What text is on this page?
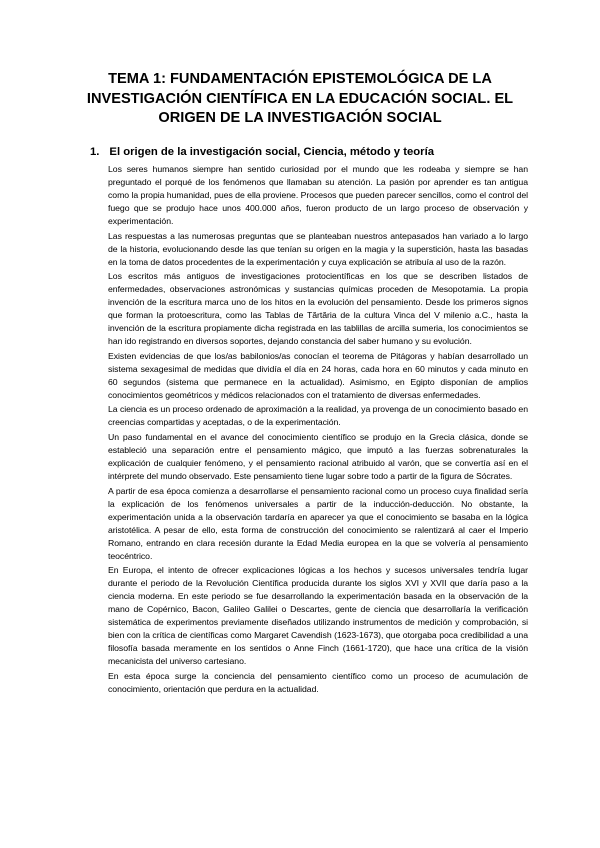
TEMA 1: FUNDAMENTACIÓN EPISTEMOLÓGICA DE LA INVESTIGACIÓN CIENTÍFICA EN LA EDUCACIÓN SOCIAL. EL ORIGEN DE LA INVESTIGACIÓN SOCIAL
1. El origen de la investigación social, Ciencia, método y teoría

Los seres humanos siempre han sentido curiosidad por el mundo que les rodeaba y siempre se han preguntado el porqué de los fenómenos que llamaban su atención. La pasión por aprender es tan antigua como la propia humanidad, pues de ella proviene. Procesos que pueden parecer sencillos, como el control del fuego que se produjo hace unos 400.000 años, fueron producto de un largo proceso de observación y experimentación.

Las respuestas a las numerosas preguntas que se planteaban nuestros antepasados han variado a lo largo de la historia, evolucionando desde las que tenían su origen en la magia y la superstición, hasta las basadas en la toma de datos procedentes de la experimentación y cuya explicación se atribuía al uso de la razón.

Los escritos más antiguos de investigaciones protocientíficas en los que se describen listados de enfermedades, observaciones astronómicas y sustancias químicas proceden de Mesopotamia. La propia invención de la escritura marca uno de los hitos en la evolución del pensamiento. Desde los primeros signos que forman la protoescritura, como las Tablas de Tărtăria de la cultura Vinca del V milenio a.C., hasta la invención de la escritura propiamente dicha registrada en las tablillas de arcilla sumeria, los conocimientos se han ido registrando en diversos soportes, dejando constancia del saber humano y su evolución.

Existen evidencias de que los/as babilonios/as conocían el teorema de Pitágoras y habían desarrollado un sistema sexagesimal de medidas que dividía el día en 24 horas, cada hora en 60 minutos y cada minuto en 60 segundos (sistema que permanece en la actualidad). Asimismo, en Egipto disponían de amplios conocimientos geométricos y médicos relacionados con el tratamiento de diversas enfermedades.

La ciencia es un proceso ordenado de aproximación a la realidad, ya provenga de un conocimiento basado en creencias compartidas y aceptadas, o de la experimentación.

Un paso fundamental en el avance del conocimiento científico se produjo en la Grecia clásica, donde se estableció una separación entre el pensamiento mágico, que imputó a las fuerzas sobrenaturales la explicación de cualquier fenómeno, y el pensamiento racional atribuido al varón, que se convertía así en el intérprete del mundo observado. Este pensamiento tiene lugar sobre todo a partir de la figura de Sócrates.

A partir de esa época comienza a desarrollarse el pensamiento racional como un proceso cuya finalidad sería la explicación de los fenómenos universales a partir de la inducción-deducción. No obstante, la experimentación unida a la observación tardaría en aparecer ya que el conocimiento se basaba en la lógica aristotélica. A pesar de ello, esta forma de construcción del conocimiento se ralentizará al caer el Imperio Romano, entrando en clara recesión durante la Edad Media europea en la que se volvería al pensamiento teocéntrico.

En Europa, el intento de ofrecer explicaciones lógicas a los hechos y sucesos universales tendría lugar durante el periodo de la Revolución Científica producida durante los siglos XVI y XVII que daría paso a la ciencia moderna. En este periodo se fue desarrollando la experimentación basada en la observación de la mano de Copérnico, Bacon, Galileo Galilei o Descartes, gente de ciencia que desarrollaría la verificación sistemática de experimentos previamente diseñados utilizando instrumentos de medición y comprobación, si bien con la crítica de científicas como Margaret Cavendish (1623-1673), que otorgaba poca credibilidad a una filosofía basada meramente en los sentidos o Anne Finch (1661-1720), que hace una crítica de la visión mecanicista del universo cartesiano.

En esta época surge la conciencia del pensamiento científico como un proceso de acumulación de conocimiento, orientación que perdura en la actualidad.
